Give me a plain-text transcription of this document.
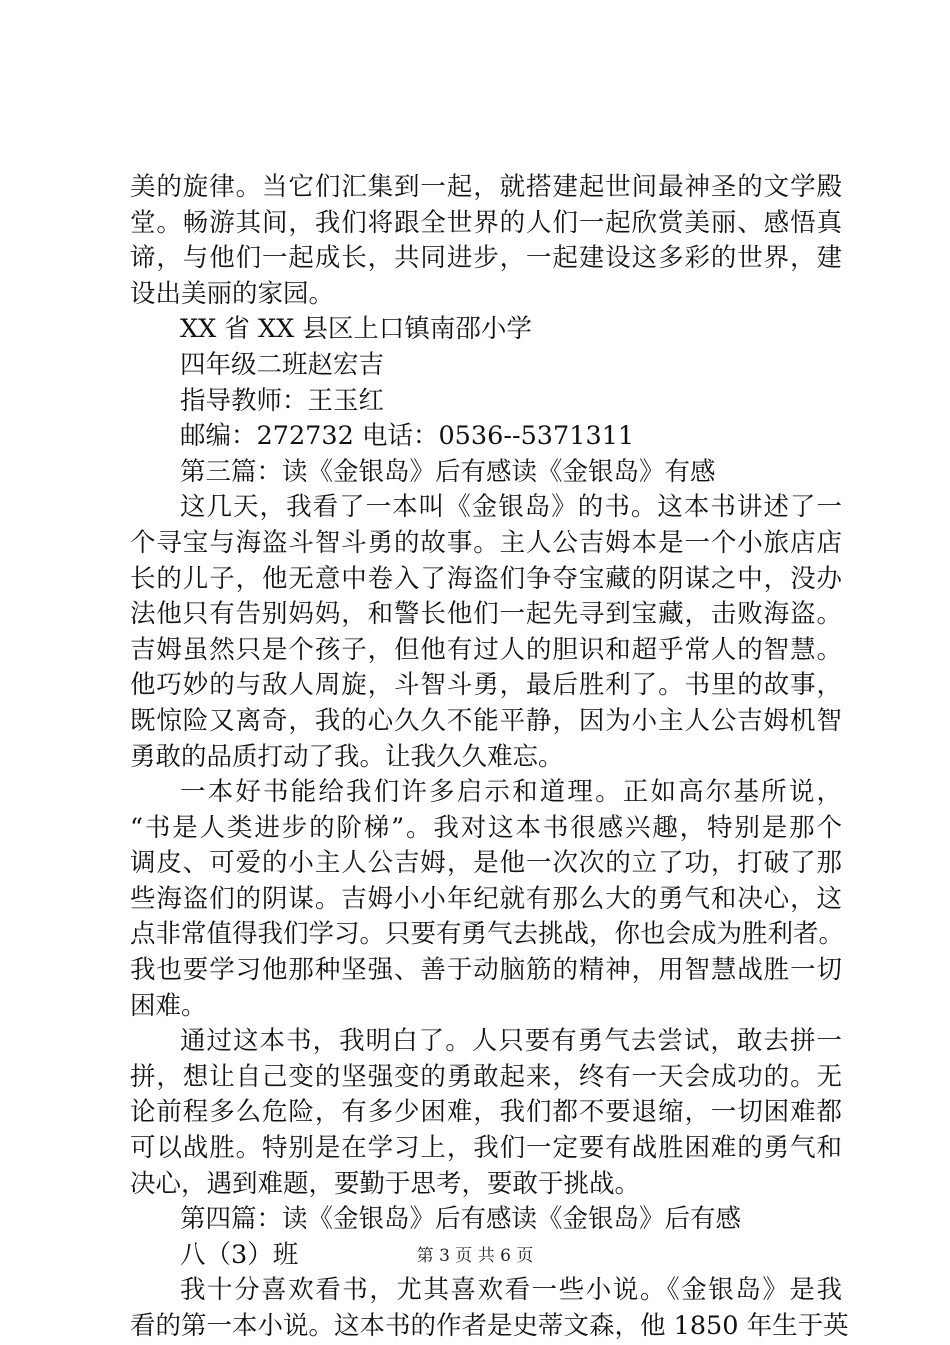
美的旋律。当它们汇集到一起，就搭建起世间最神圣的文学殿
堂。畅游其间，我们将跟全世界的人们一起欣赏美丽、感悟真
谛，与他们一起成长，共同进步，一起建设这多彩的世界，建
设出美丽的家园。
XX 省 XX 县区上口镇南邵小学
四年级二班赵宏吉
指导教师：王玉红
邮编：272732 电话：0536--5371311
第三篇：读《金银岛》后有感读《金银岛》有感
这几天，我看了一本叫《金银岛》的书。这本书讲述了一
个寻宝与海盗斗智斗勇的故事。主人公吉姆本是一个小旅店店
长的儿子，他无意中卷入了海盗们争夺宝藏的阴谋之中，没办
法他只有告别妈妈，和警长他们一起先寻到宝藏，击败海盗。
吉姆虽然只是个孩子，但他有过人的胆识和超乎常人的智慧。
他巧妙的与敌人周旋，斗智斗勇，最后胜利了。书里的故事，
既惊险又离奇，我的心久久不能平静，因为小主人公吉姆机智
勇敢的品质打动了我。让我久久难忘。
一本好书能给我们许多启示和道理。正如高尔基所说，
“书是人类进步的阶梯”。我对这本书很感兴趣，特别是那个
调皮、可爱的小主人公吉姆，是他一次次的立了功，打破了那
些海盗们的阴谋。吉姆小小年纪就有那么大的勇气和决心，这
点非常值得我们学习。只要有勇气去挑战，你也会成为胜利者。
我也要学习他那种坚强、善于动脑筋的精神，用智慧战胜一切
困难。
通过这本书，我明白了。人只要有勇气去尝试，敢去拼一
拼，想让自己变的坚强变的勇敢起来，终有一天会成功的。无
论前程多么危险，有多少困难，我们都不要退缩，一切困难都
可以战胜。特别是在学习上，我们一定要有战胜困难的勇气和
决心，遇到难题，要勤于思考，要敢于挑战。
第四篇：读《金银岛》后有感读《金银岛》后有感
八（3）班
我十分喜欢看书，尤其喜欢看一些小说。《金银岛》是我
看的第一本小说。这本书的作者是史蒂文森，他 1850 年生于英
第 3 页 共 6 页
